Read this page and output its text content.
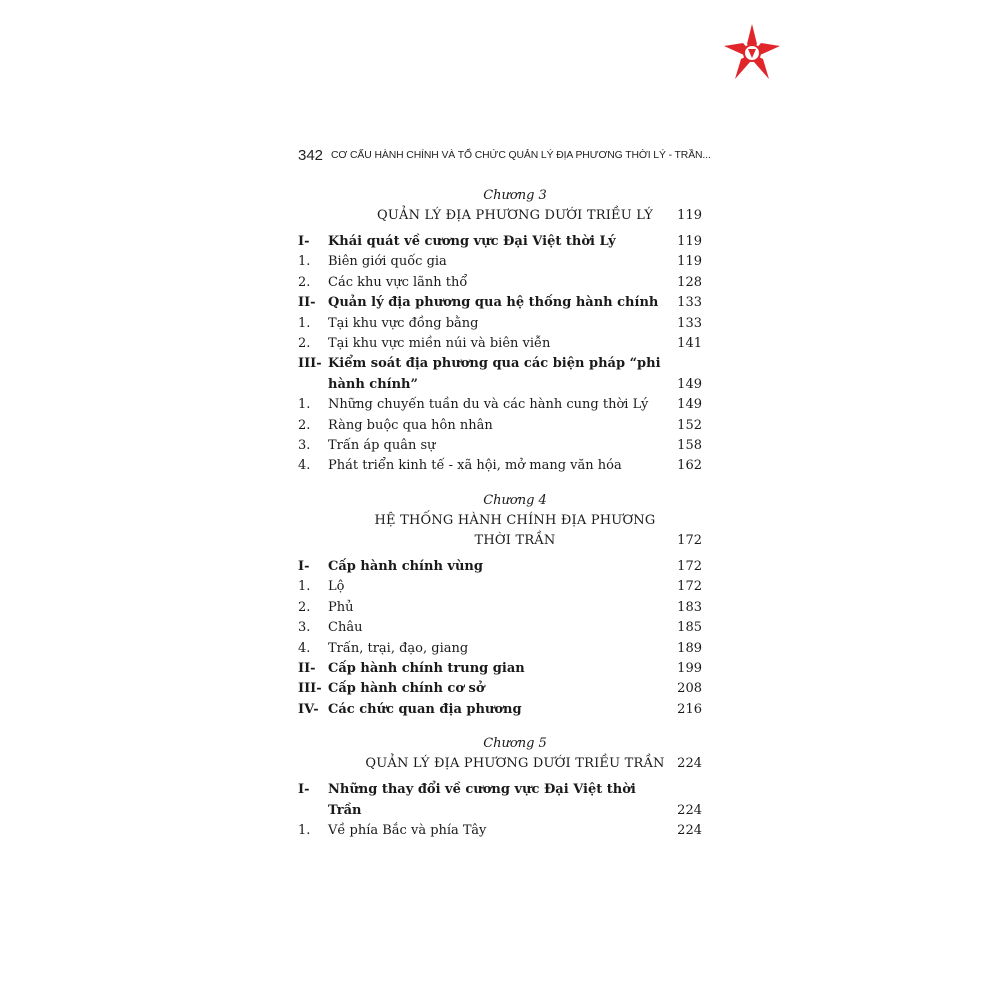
342 CƠ CẤU HÀNH CHÍNH VÀ TỔ CHỨC QUẢN LÝ ĐỊA PHƯƠNG THỜI LÝ - TRẦN...
Chương 3
QUẢN LÝ ĐỊA PHƯƠNG DƯỚI TRIỀU LÝ	119
I-	Khái quát về cương vực Đại Việt thời Lý	119
1.	Biên giới quốc gia	119
2.	Các khu vực lãnh thổ	128
II- Quản lý địa phương qua hệ thống hành chính	133
1.	Tại khu vực đồng bằng	133
2.	Tại khu vực miền núi và biên viễn	141
III- Kiểm soát địa phương qua các biện pháp “phi
hành chính”	149
1.	Những chuyến tuần du và các hành cung thời Lý	149
2.	Ràng buộc qua hôn nhân	152
3.	Trấn áp quân sự	158
4.	Phát triển kinh tế - xã hội, mở mang văn hóa	162
Chương 4
HỆ THỐNG HÀNH CHÍNH ĐỊA PHƯƠNG
THỜI TRẦN	172
I-	Cấp hành chính vùng	172
1.	Lộ	172
2.	Phủ	183
3.	Châu	185
4.	Trấn, trại, đạo, giang	189
II- Cấp hành chính trung gian	199
III- Cấp hành chính cơ sở	208
IV- Các chức quan địa phương	216
Chương 5
QUẢN LÝ ĐỊA PHƯƠNG DƯỚI TRIỀU TRẦN 224
I-	Những thay đổi về cương vực Đại Việt thời Trần	224
1.	Về phía Bắc và phía Tây	224
